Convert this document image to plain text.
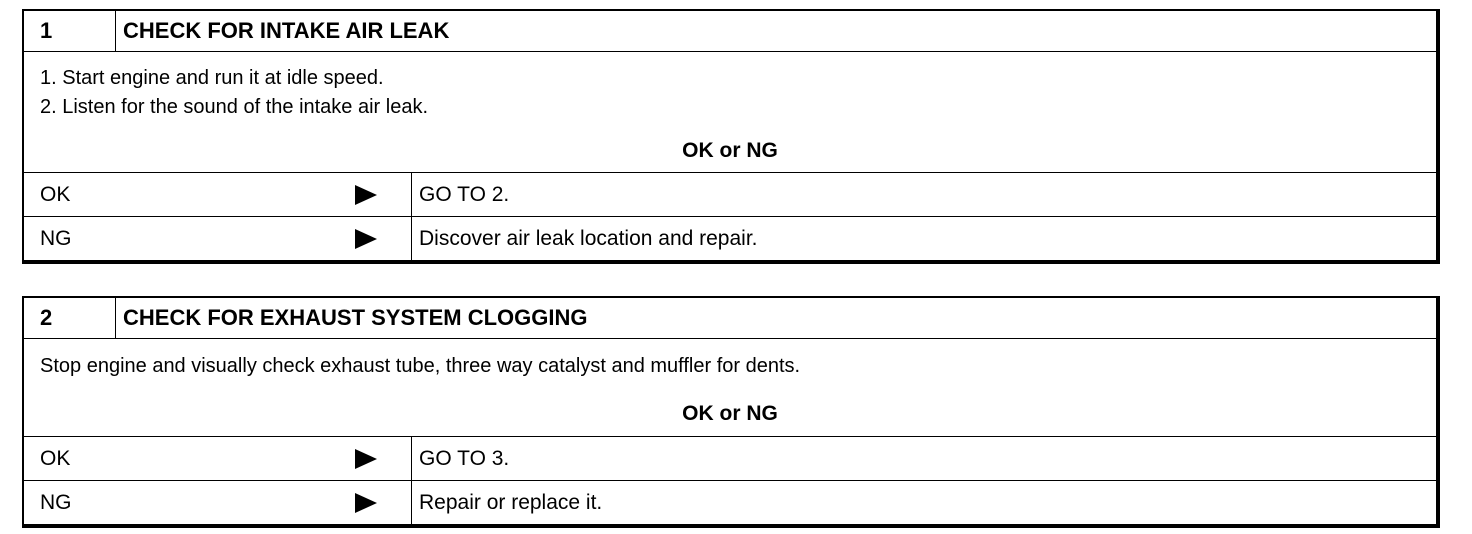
1	CHECK FOR INTAKE AIR LEAK
1. Start engine and run it at idle speed.
2. Listen for the sound of the intake air leak.
OK or NG
OK	GO TO 2.
NG	Discover air leak location and repair.
2	CHECK FOR EXHAUST SYSTEM CLOGGING
Stop engine and visually check exhaust tube, three way catalyst and muffler for dents.
OK or NG
OK	GO TO 3.
NG	Repair or replace it.
